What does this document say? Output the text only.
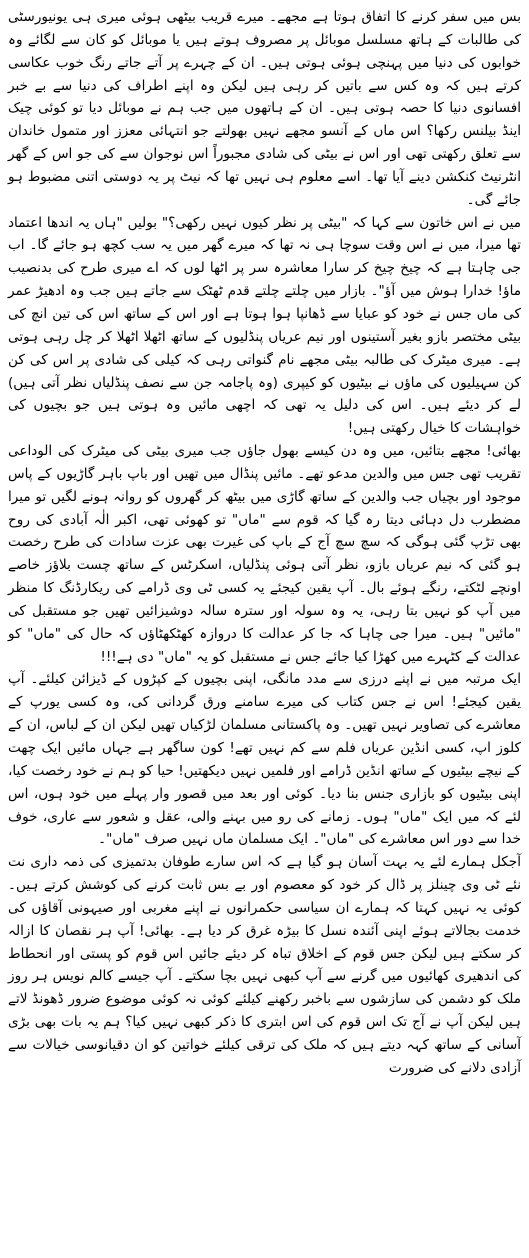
بس میں سفر کرنے کا اتفاق ہوتا ہے مجھے۔ میرے قریب بیٹھی ہوئی میری ہی یونیورسٹی کی طالبات کے ہاتھ مسلسل موبائل پر مصروف ہوتے ہیں یا موبائل کو کان سے لگائے وہ خوابوں کی دنیا میں پہنچی ہوئی ہوتی ہیں۔ ان کے چہرے پر آتے جاتے رنگ خوب عکاسی کرتے ہیں کہ وہ کس سے باتیں کر رہی ہیں لیکن وہ اپنے اطراف کی دنیا سے بے خبر افسانوی دنیا کا حصہ ہوتی ہیں۔ ان کے ہاتھوں میں جب ہم نے موبائل دیا تو کوئی چیک اینڈ بیلنس رکھا؟ اس ماں کے آنسو مجھے نہیں بھولتے جو انتہائی معزز اور متمول خاندان سے تعلق رکھتی تھی اور اس نے بیٹی کی شادی مجبوراً اس نوجوان سے کی جو اس کے گھر انٹرنیٹ کنکشن دینے آیا تھا۔ اسے معلوم ہی نہیں تھا کہ نیٹ پر یہ دوستی اتنی مضبوط ہو جائے گی۔

میں نے اس خاتون سے کہا کہ "بیٹی پر نظر کیوں نہیں رکھی؟" بولیں "ہاں یہ اندھا اعتماد تھا میرا، میں نے اس وقت سوچا ہی نہ تھا کہ میرے گھر میں یہ سب کچھ ہو جائے گا۔ اب جی چاہتا ہے کہ چیخ چیخ کر سارا معاشرہ سر پر اٹھا لوں کہ اے میری طرح کی بدنصیب ماؤ! خدارا ہوش میں آؤ"۔ بازار میں چلتے چلتے قدم ٹھٹک سے جاتے ہیں جب وہ ادھیڑ عمر کی ماں جس نے خود کو عبایا سے ڈھانپا ہوا ہوتا ہے اور اس کے ساتھ اس کی تین انچ کی بیٹی مختصر بازو بغیر آستینوں اور نیم عریاں پنڈلیوں کے ساتھ اٹھلا اٹھلا کر چل رہی ہوتی ہے۔ میری میٹرک کی طالبہ بیٹی مجھے نام گنواتی رہی کہ کیلی کی شادی پر اس کی کن کن سہیلیوں کی ماؤں نے بیٹیوں کو کیپری (وہ پاجامہ جن سے نصف پنڈلیاں نظر آتی ہیں) لے کر دیئے ہیں۔ اس کی دلیل یہ تھی کہ اچھی مائیں وہ ہوتی ہیں جو بچیوں کی خواہشات کا خیال رکھتی ہیں!

بھائی! مجھے بتائیں، میں وہ دن کیسے بھول جاؤں جب میری بیٹی کی میٹرک کی الوداعی تقریب تھی جس میں والدین مدعو تھے۔ مائیں پنڈال میں تھیں اور باپ باہر گاڑیوں کے پاس موجود اور بچیاں جب والدین کے ساتھ گاڑی میں بیٹھ کر گھروں کو روانہ ہونے لگیں تو میرا مضطرب دل دہائی دیتا رہ گیا کہ قوم سے "ماں" تو کھوئی تھی، اکبر الٰہ آبادی کی روح بھی تڑپ گئی ہوگی کہ سچ سچ آج کے باپ کی غیرت بھی عزت سادات کی طرح رخصت ہو گئی کہ نیم عریاں بازو، نظر آتی ہوئی پنڈلیاں، اسکرٹس کے ساتھ چست بلاؤز خاصے اونچے لٹکتے، رنگے ہوئے بال۔ آپ یقین کیجئے یہ کسی ٹی وی ڈرامے کی ریکارڈنگ کا منظر میں آپ کو نہیں بتا رہی، یہ وہ سولہ اور سترہ سالہ دوشیزائیں تھیں جو مستقبل کی "مائیں" ہیں۔ میرا جی چاہا کہ جا کر عدالت کا دروازہ کھٹکھٹاؤں کہ حال کی "ماں" کو عدالت کے کٹہرے میں کھڑا کیا جائے جس نے مستقبل کو یہ "ماں" دی ہے!!!

ایک مرتبہ میں نے اپنے درزی سے مدد مانگی، اپنی بچیوں کے کپڑوں کے ڈیزائن کیلئے۔ آپ یقین کیجئے! اس نے جس کتاب کی میرے سامنے ورق گردانی کی، وہ کسی یورپ کے معاشرے کی تصاویر نہیں تھیں۔ وہ پاکستانی مسلمان لڑکیاں تھیں لیکن ان کے لباس، ان کے کلوز اپ، کسی انڈین عریاں فلم سے کم نہیں تھے! کون ساگھر ہے جہاں مائیں ایک چھت کے نیچے بیٹیوں کے ساتھ انڈین ڈرامے اور فلمیں نہیں دیکھتیں! حیا کو ہم نے خود رخصت کیا، اپنی بیٹیوں کو بازاری جنس بنا دیا۔ کوئی اور بعد میں قصور وار پہلے میں خود ہوں، اس لئے کہ میں ایک "ماں" ہوں۔ زمانے کی رو میں بہنے والی، عقل و شعور سے عاری، خوف خدا سے دور اس معاشرے کی "ماں"۔ ایک مسلمان ماں نہیں صرف "ماں"۔

آجکل ہمارے لئے یہ بہت آسان ہو گیا ہے کہ اس سارے طوفان بدتمیزی کی ذمہ داری نت نئے ٹی وی چینلز پر ڈال کر خود کو معصوم اور بے بس ثابت کرنے کی کوشش کرتے ہیں۔ کوئی یہ نہیں کہتا کہ ہمارے ان سیاسی حکمرانوں نے اپنے مغربی اور صیہونی آقاؤں کی خدمت بجالاتے ہوئے اپنی آئندہ نسل کا بیڑہ غرق کر دیا ہے۔ بھائی! آپ ہر نقصان کا ازالہ کر سکتے ہیں لیکن جس قوم کے اخلاق تباہ کر دیئے جائیں اس قوم کو پستی اور انحطاط کی اندھیری کھائیوں میں گرنے سے آپ کبھی نہیں بچا سکتے۔ آپ جیسے کالم نویس ہر روز ملک کو دشمن کی سازشوں سے باخبر رکھنے کیلئے کوئی نہ کوئی موضوع ضرور ڈھونڈ لاتے ہیں لیکن آپ نے آج تک اس قوم کی اس ابتری کا ذکر کبھی نہیں کیا؟ ہم یہ بات بھی بڑی آسانی کے ساتھ کہہ دیتے ہیں کہ ملک کی ترقی کیلئے خواتین کو ان دقیانوسی خیالات سے آزادی دلانے کی ضرورت
